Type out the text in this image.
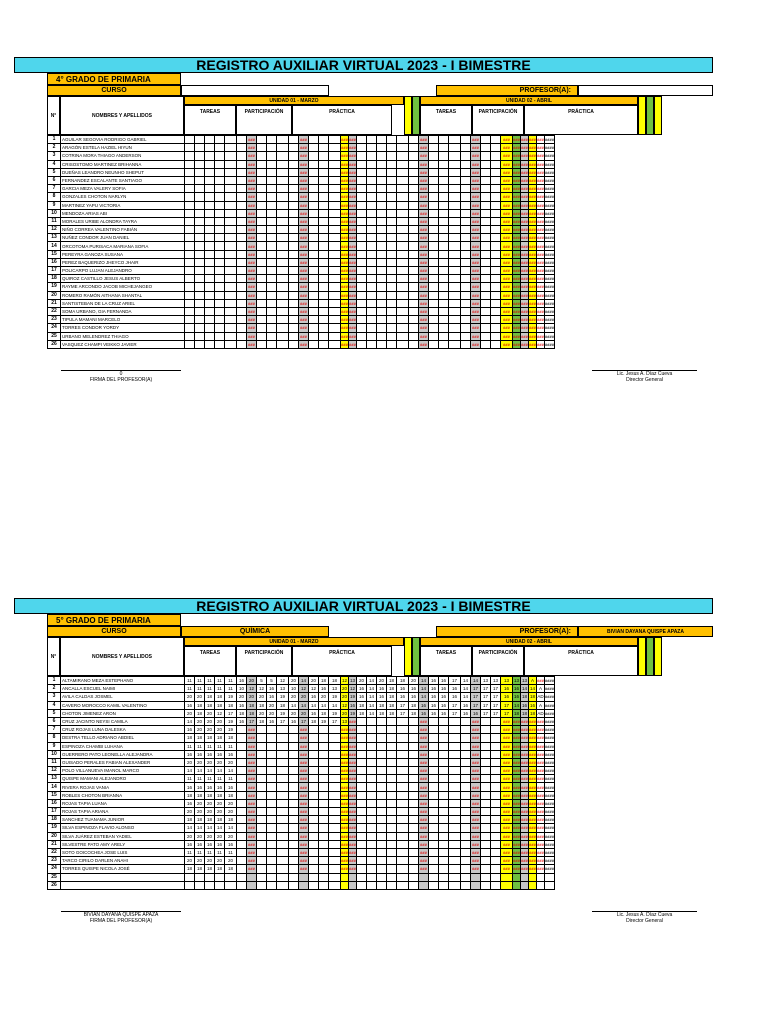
REGISTRO AUXILIAR VIRTUAL 2023 - I BIMESTRE
4° GRADO DE PRIMARIA
CURSO	PROFESOR(A):
N°	NOMBRES Y APELLIDOS
UNIDAD 01 - MARZO	UNIDAD 02 - ABRIL
TAREAS	PARTICIPACIÓN	PRÁCTICA	TAREAS	PARTICIPACIÓN	PRÁCTICA
1	AGUILAR SEGOVIA RODRIGO GABRIEL							###					###				###	###							###					###			###	###	###	###	###	####
2	ARAGÓN ESTELA HAZIEL HIYUN							###					###				###	###							###					###			###	###	###	###	###	####
3	COTRINA MORA THIAGO ANDERSON							###					###				###	###							###					###			###	###	###	###	###	####
4	CRISOSTOMO MARTINEZ BRIHANNA							###					###				###	###							###					###			###	###	###	###	###	####
5	DUEÑAS LEANDRO NEUNHO SHEPUT							###					###				###	###							###					###			###	###	###	###	###	####
6	FERNANDEZ ESCALANTE SANTIAGO							###					###				###	###							###					###			###	###	###	###	###	####
7	GARCIA MEZA VALERY SOFIA							###					###				###	###							###					###			###	###	###	###	###	####
8	GONZALES CHOTON NARLYN							###					###				###	###							###					###			###	###	###	###	###	####
9	MARTINEZ YAPU VICTORIA							###					###				###	###							###					###			###	###	###	###	###	####
10	MENDOZA ARIAS ABI							###					###				###	###							###					###			###	###	###	###	###	####
11	MORALES URIBE ALONDRA TAYRA							###					###				###	###							###					###			###	###	###	###	###	####
12	NIÑO CORREA VALENTINO FABIÁN							###					###				###	###							###					###			###	###	###	###	###	####
13	NUÑEZ CONDOR JUAN DANIEL							###					###				###	###							###					###			###	###	###	###	###	####
14	ORCOTOMA PURISACA MARIANA SOFIA							###					###				###	###							###					###			###	###	###	###	###	####
15	PEREYRA GANOZA SUSANA							###					###				###	###							###					###			###	###	###	###	###	####
16	PEREZ BAQUERIZO JHEYCO JHAIR							###					###				###	###							###					###			###	###	###	###	###	####
17	POLICARPO LUJAN ALEJANDRO							###					###				###	###							###					###			###	###	###	###	###	####
18	QUIROZ CASTILLO JESUS ALBERTO							###					###				###	###							###					###			###	###	###	###	###	####
19	RAYME ARCONDO JACOB MICHEJANGEO							###					###				###	###							###					###			###	###	###	###	###	####
20	ROMERO RAMÓN AITHANA SHANTAL							###					###				###	###							###					###			###	###	###	###	###	####
21	SANTISTEBAN DE LA CRUZ ARIEL							###					###				###	###							###					###			###	###	###	###	###	####
22	SOMA URBANO, GIA FERNANDA							###					###				###	###							###					###			###	###	###	###	###	####
23	TIPULA MAMANI MARCELO							###					###				###	###							###					###			###	###	###	###	###	####
24	TORRES CONDOR YORDY							###					###				###	###							###					###			###	###	###	###	###	####
25	URBANO MELENDREZ THIAGO							###					###				###	###							###					###			###	###	###	###	###	####
26	VASQUEZ CHAMPI VEIKKO JAVIER							###					###				###	###							###					###			###	###	###	###	###	####
0
FIRMA DEL PROFESOR(A)
Lic. Jesus A. Díaz Cueva
Director General
REGISTRO AUXILIAR VIRTUAL 2023 - I BIMESTRE
5° GRADO DE PRIMARIA
CURSO	QUÍMICA	PROFESOR(A):	BIVIAN DAYANA QUISPE APAZA
N°	NOMBRES Y APELLIDOS
UNIDAD 01 - MARZO	UNIDAD 02 - ABRIL
TAREAS	PARTICIPACIÓN	PRÁCTICA	TAREAS	PARTICIPACIÓN	PRÁCTICA
1	ALTAMIRANO MEZA ESTEPHANO	11	11	11	11	11	16	20	5	5	12	20	14	20	18	18	12	13	20	14	20	18	18	20	14	16	16	17	14	14	13	13	13	13	13	A	###	####
2	ANCALLA ESCUEL NAIMI	11	11	11	11	11	10	12	12	16	13	10	12	12	16	13	20	12	16	14	16	18	16	16	14	16	16	16	14	17	17	17	16	16	14	14	A	####
3	AVILA CALDAS JOSMEL	20	20	18	18	19	20	20	20	16	19	20	20	16	20	19	20	19	16	14	16	18	16	16	14	16	16	16	14	17	17	17	16	16	18	18	AD	####
4	CAVERO MOROCCO KAMIL VALENTINO	16	18	18	18	18	16	18	18	20	18	14	14	14	14	14	12	16	18	14	18	18	17	18	16	16	16	17	16	17	17	17	17	14	16	16	A	####
5	CHOTON JIMENEZ ARON	20	18	20	12	17	18	18	20	20	19	20	20	16	18	19	20	19	18	14	18	18	17	18	16	16	16	17	16	16	17	17	17	18	18	18	AD	####
6	CRUZ JACINTO NEYSI CAMILA	14	20	20	20	19	16	17	18	16	17	16	17	18	19	17	13	###							###					###			###	###	###	###	###	####
7	CRUZ ROJAS LUNA DALESKA	16	20	20	20	19		###					###				###	###							###					###			###	###	###	###	###	####
8	DESTRA TELLO ADRIANO ABDIEL	18	18	18	18	18		###					###				###	###							###					###			###	###	###	###	###	####
9	ESPINOZA CHAMBI LUHANA	11	11	11	11	11		###					###				###	###							###					###			###	###	###	###	###	####
10	GUERRERO PATO LEONELLA ALEJANDRA	16	16	16	16	16		###					###				###	###							###					###			###	###	###	###	###	####
11	GUISADO PERALES FABIAN ALEXANDER	20	20	20	20	20		###					###				###	###							###					###			###	###	###	###	###	####
12	POLO VILLANUEVA IMANOL MARCO	14	14	14	14	14		###					###				###	###							###					###			###	###	###	###	###	####
13	QUISPE MAMANI ALEJANDRO	11	11	11	11	11		###					###				###	###							###					###			###	###	###	###	###	####
14	RIVERA ROJAS VANIA	16	16	16	16	16		###					###				###	###							###					###			###	###	###	###	###	####
15	ROBLES CHOTON BRIANNA	18	18	18	18	18		###					###				###	###							###					###			###	###	###	###	###	####
16	ROJAS TAPIA LUANA	16	20	20	20	20		###					###				###	###							###					###			###	###	###	###	###	####
17	ROJAS TAPIA ARIANA	20	20	20	20	20		###					###				###	###							###					###			###	###	###	###	###	####
18	SANCHEZ TUANAMA JUNIOR	18	18	18	18	18		###					###				###	###							###					###			###	###	###	###	###	####
19	SILVA ESPINOZA FLAVIO ALONSO	14	14	14	14	14		###					###				###	###							###					###			###	###	###	###	###	####
20	SILVA JUÁREZ ESTEBAN YADIEL	20	20	20	20	20		###					###				###	###							###					###			###	###	###	###	###	####
21	SILVESTRE PATO AMY ARELY	16	16	16	16	16		###					###				###	###							###					###			###	###	###	###	###	####
22	SOTO GOICOCHEA JOSE LUIS	11	11	11	11	11		###					###				###	###							###					###			###	###	###	###	###	####
23	TARCO CIRILO DARLEN ANAHI	20	20	20	20	20		###					###				###	###							###					###			###	###	###	###	###	####
24	TORRES QUISPE NICOLA JOSÉ	18	18	18	18	18		###					###				###	###							###					###			###	###	###	###	###	####
25																																						
26																																						
BIVIAN DAYANA QUISPE APAZA
FIRMA DEL PROFESOR(A)
Lic. Jesus A. Díaz Cueva
Director General
